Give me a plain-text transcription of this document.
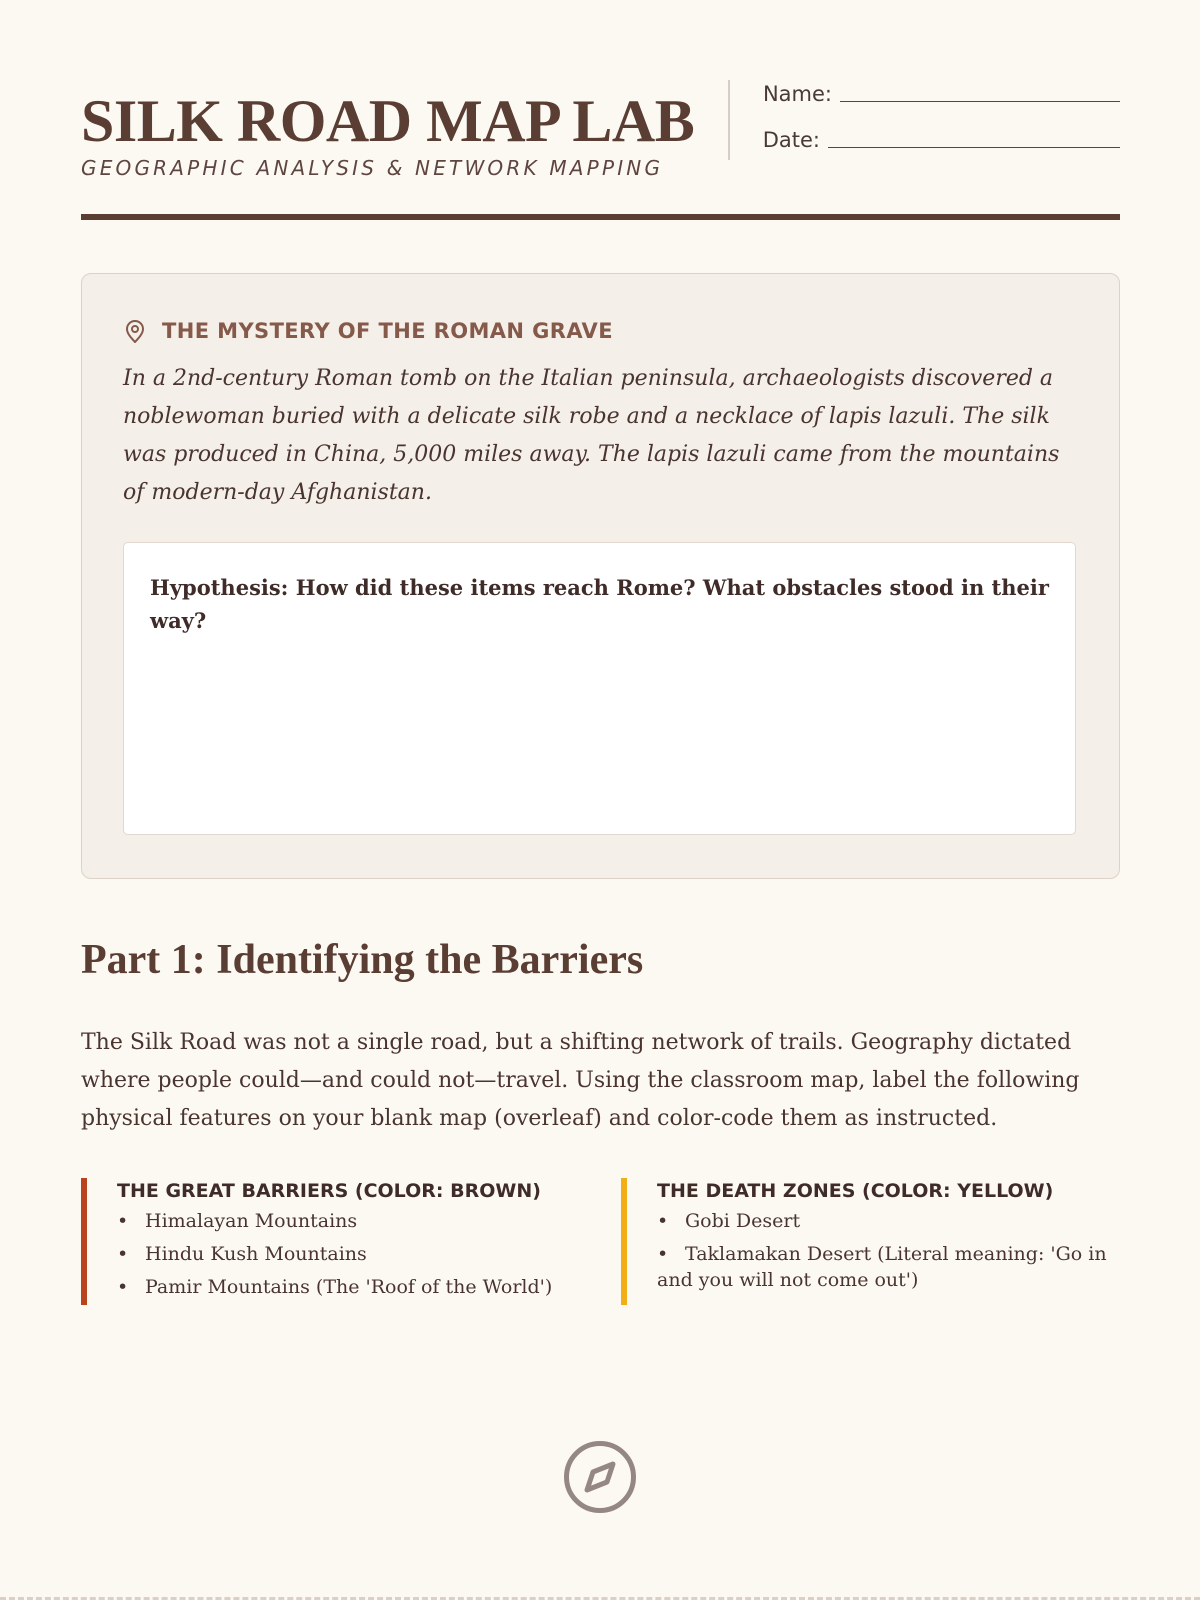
SILK ROAD MAP LAB
GEOGRAPHIC ANALYSIS & NETWORK MAPPING
Name:
Date:
THE MYSTERY OF THE ROMAN GRAVE

In a 2nd-century Roman tomb on the Italian peninsula, archaeologists discovered a noblewoman buried with a delicate silk robe and a necklace of lapis lazuli. The silk was produced in China, 5,000 miles away. The lapis lazuli came from the mountains of modern-day Afghanistan.

Hypothesis: How did these items reach Rome? What obstacles stood in their way?

Part 1: Identifying the Barriers

The Silk Road was not a single road, but a shifting network of trails. Geography dictated where people could—and could not—travel. Using the classroom map, label the following physical features on your blank map (overleaf) and color-code them as instructed.

THE GREAT BARRIERS (COLOR: BROWN)
• Himalayan Mountains
• Hindu Kush Mountains
• Pamir Mountains (The 'Roof of the World')
THE DEATH ZONES (COLOR: YELLOW)
• Gobi Desert
• Taklamakan Desert (Literal meaning: 'Go in and you will not come out')
